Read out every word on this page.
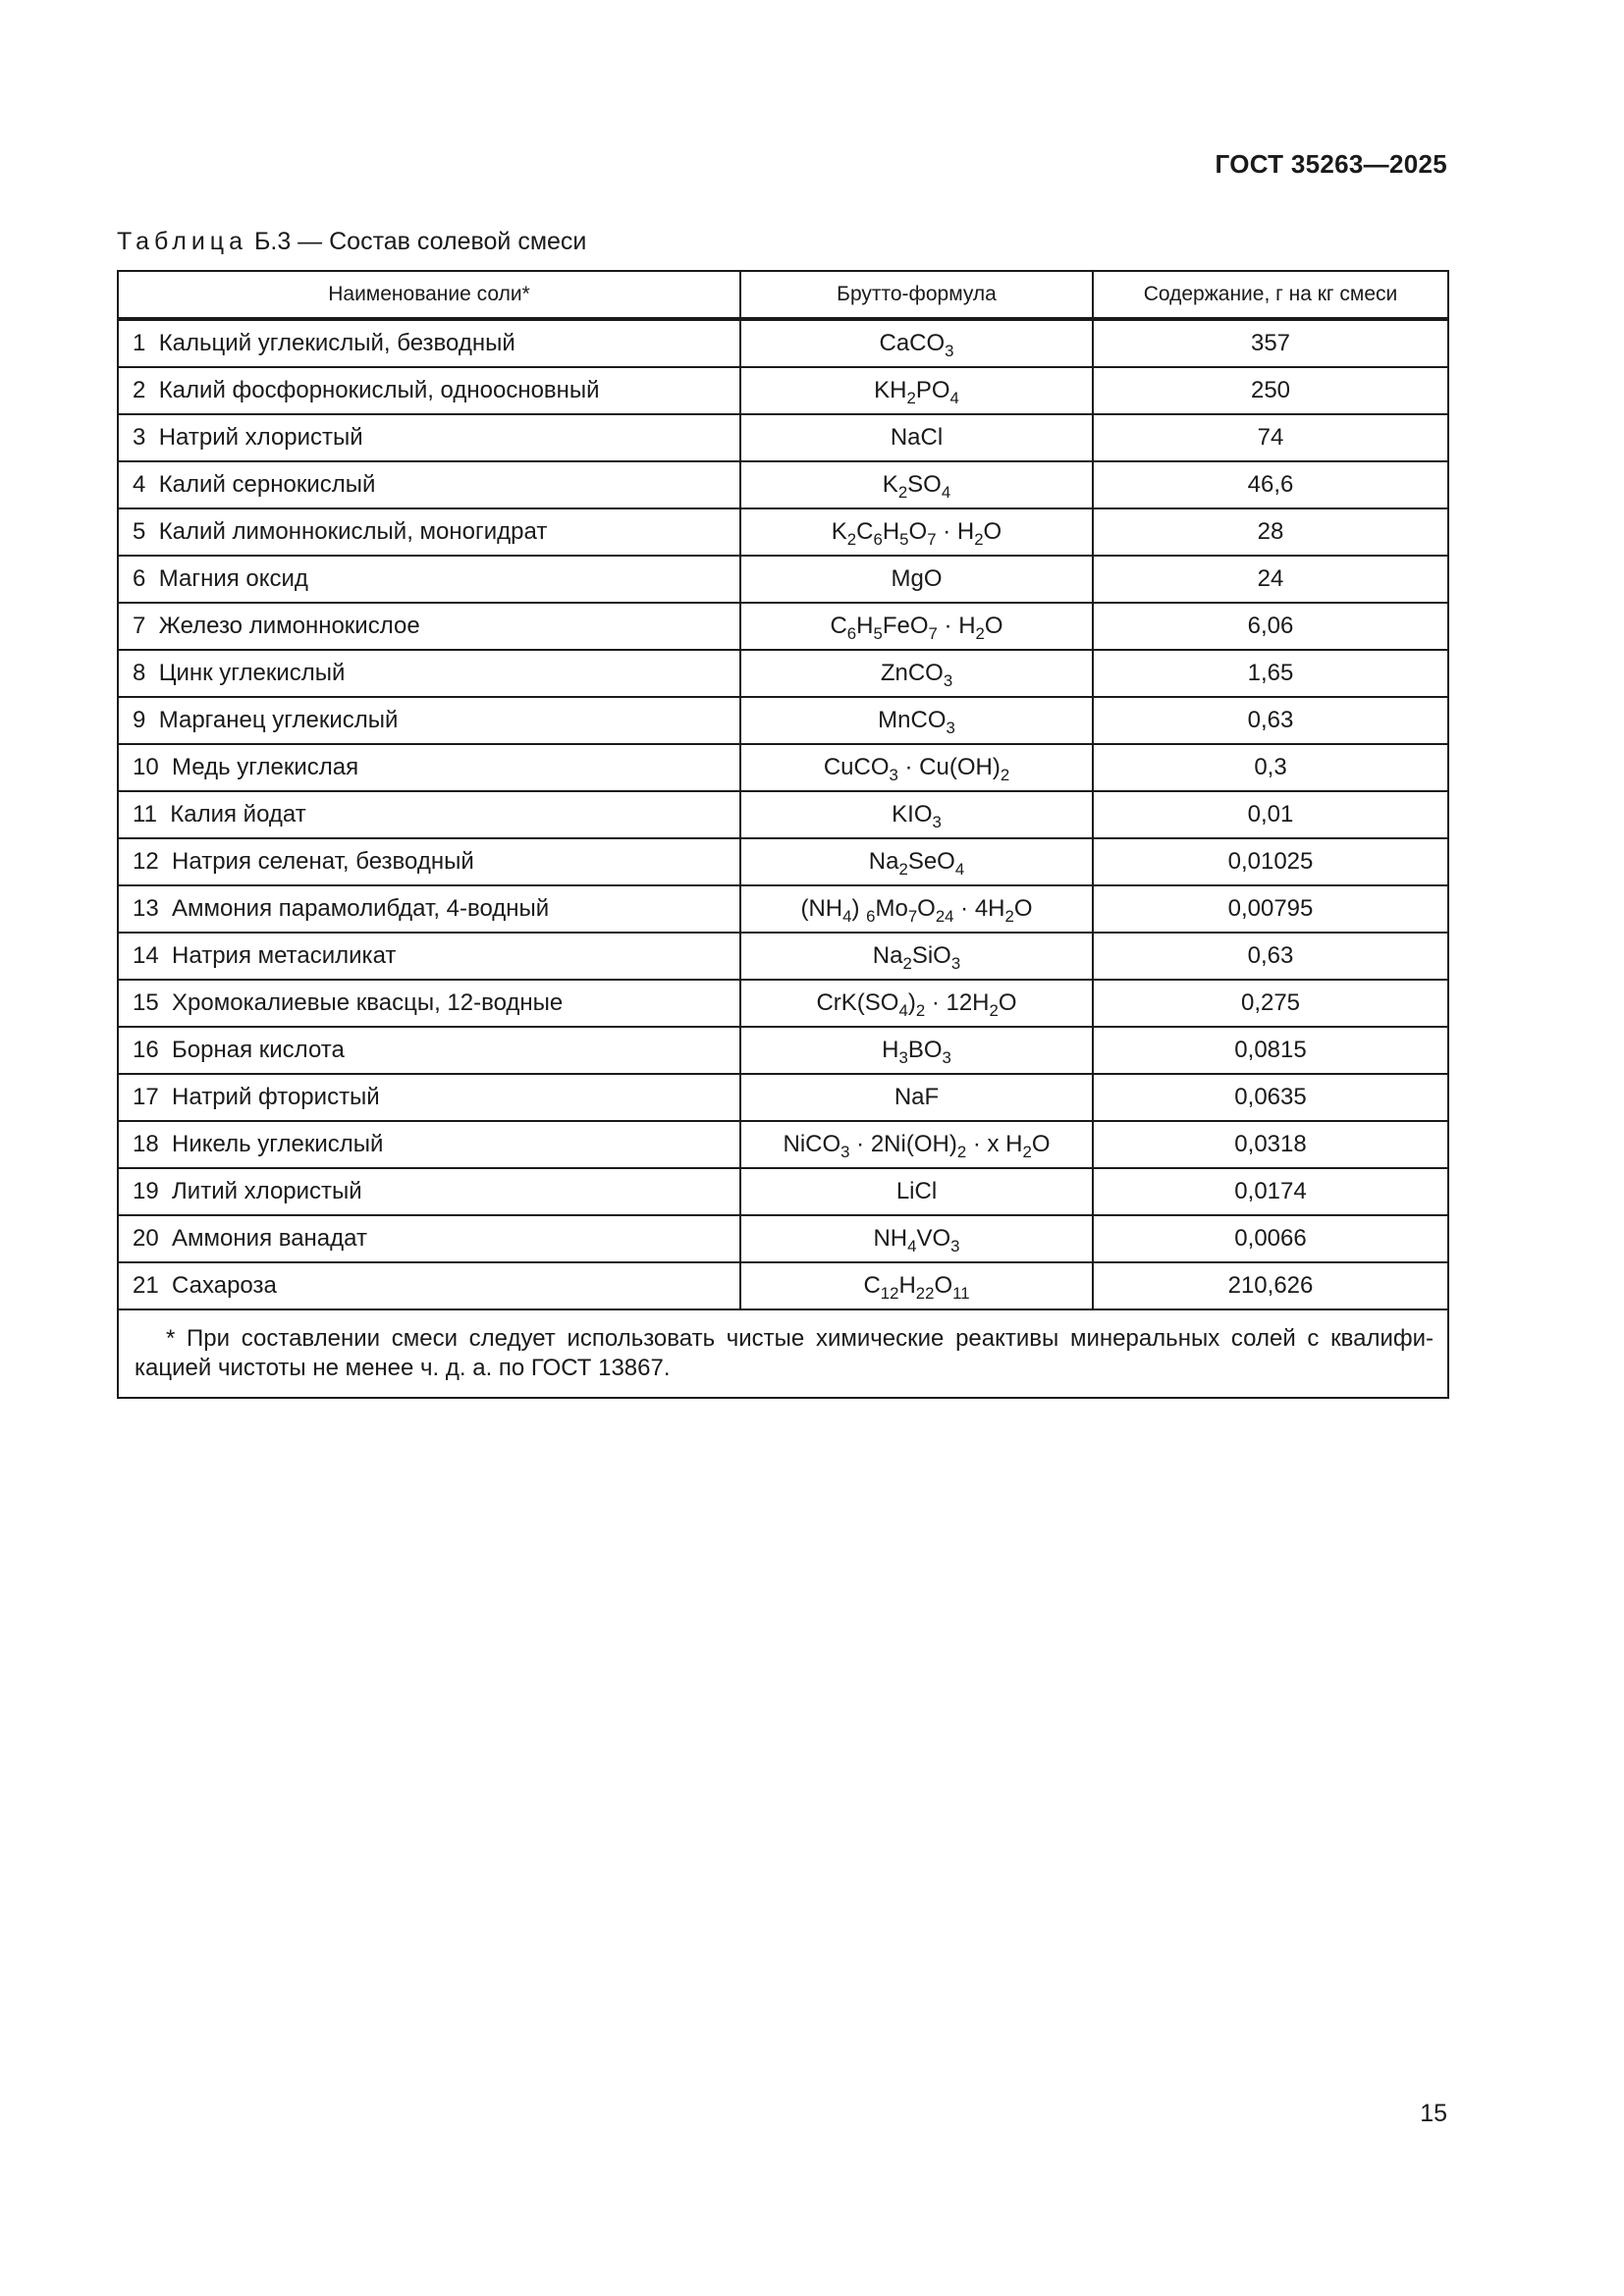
ГОСТ 35263—2025
Таблица Б.3 — Состав солевой смеси
Наименование соли*	Брутто-формула	Содержание, г на кг смеси
1 Кальций углекислый, безводный	CaCO$_3$	357
2 Калий фосфорнокислый, одноосновный	$KH_2PO_4$	250
3 Натрий хлористый	NaCl	74
4 Калий сернокислый	$K_2SO_4$	46,6
5 Калий лимоннокислый, моногидрат	$K_2C_6H_5O_7 \cdot H_2O$	28
6 Магния оксид	MgO	24
7 Железо лимоннокислое	$C_6H_5FeO_7 \cdot H_2O$	6,06
8 Цинк углекислый	ZnCO$_3$	1,65
9 Марганец углекислый	MnCO$_3$	0,63
10 Медь углекислая	CuCO$_3$ · $Cu(OH)_2$	0,3
11 Калия йодат	$KIO_3$	0,01
12 Натрия селенат, безводный	$Na_2SeO_4$	0,01025
13 Аммония парамолибдат, 4-водный	$(NH_4) _6Mo_7O_{24} \cdot 4H_2O$	0,00795
14 Натрия метасиликат	$Na_2SiO_3$	0,63
15 Хромокалиевые квасцы, 12-водные	$CrK(SO_4)_2 \cdot 12H_2O$	0,275
16 Борная кислота	$H_3BO_3$	0,0815
17 Натрий фтористый	NaF	0,0635
18 Никель углекислый	NiCO$_3$ · $2Ni(OH)_2 \cdot x$ $H_2O$	0,0318
19 Литий хлористый	LiCl	0,0174
20 Аммония ванадат	$NH_4VO_3$	0,0066
21 Сахароза	$C_{12}H_{22}O_{11}$	210,626
* При составлении смеси следует использовать чистые химические реактивы минеральных солей с квалифи-кацией чистоты не менее ч. д. а. по ГОСТ 13867.		
15
